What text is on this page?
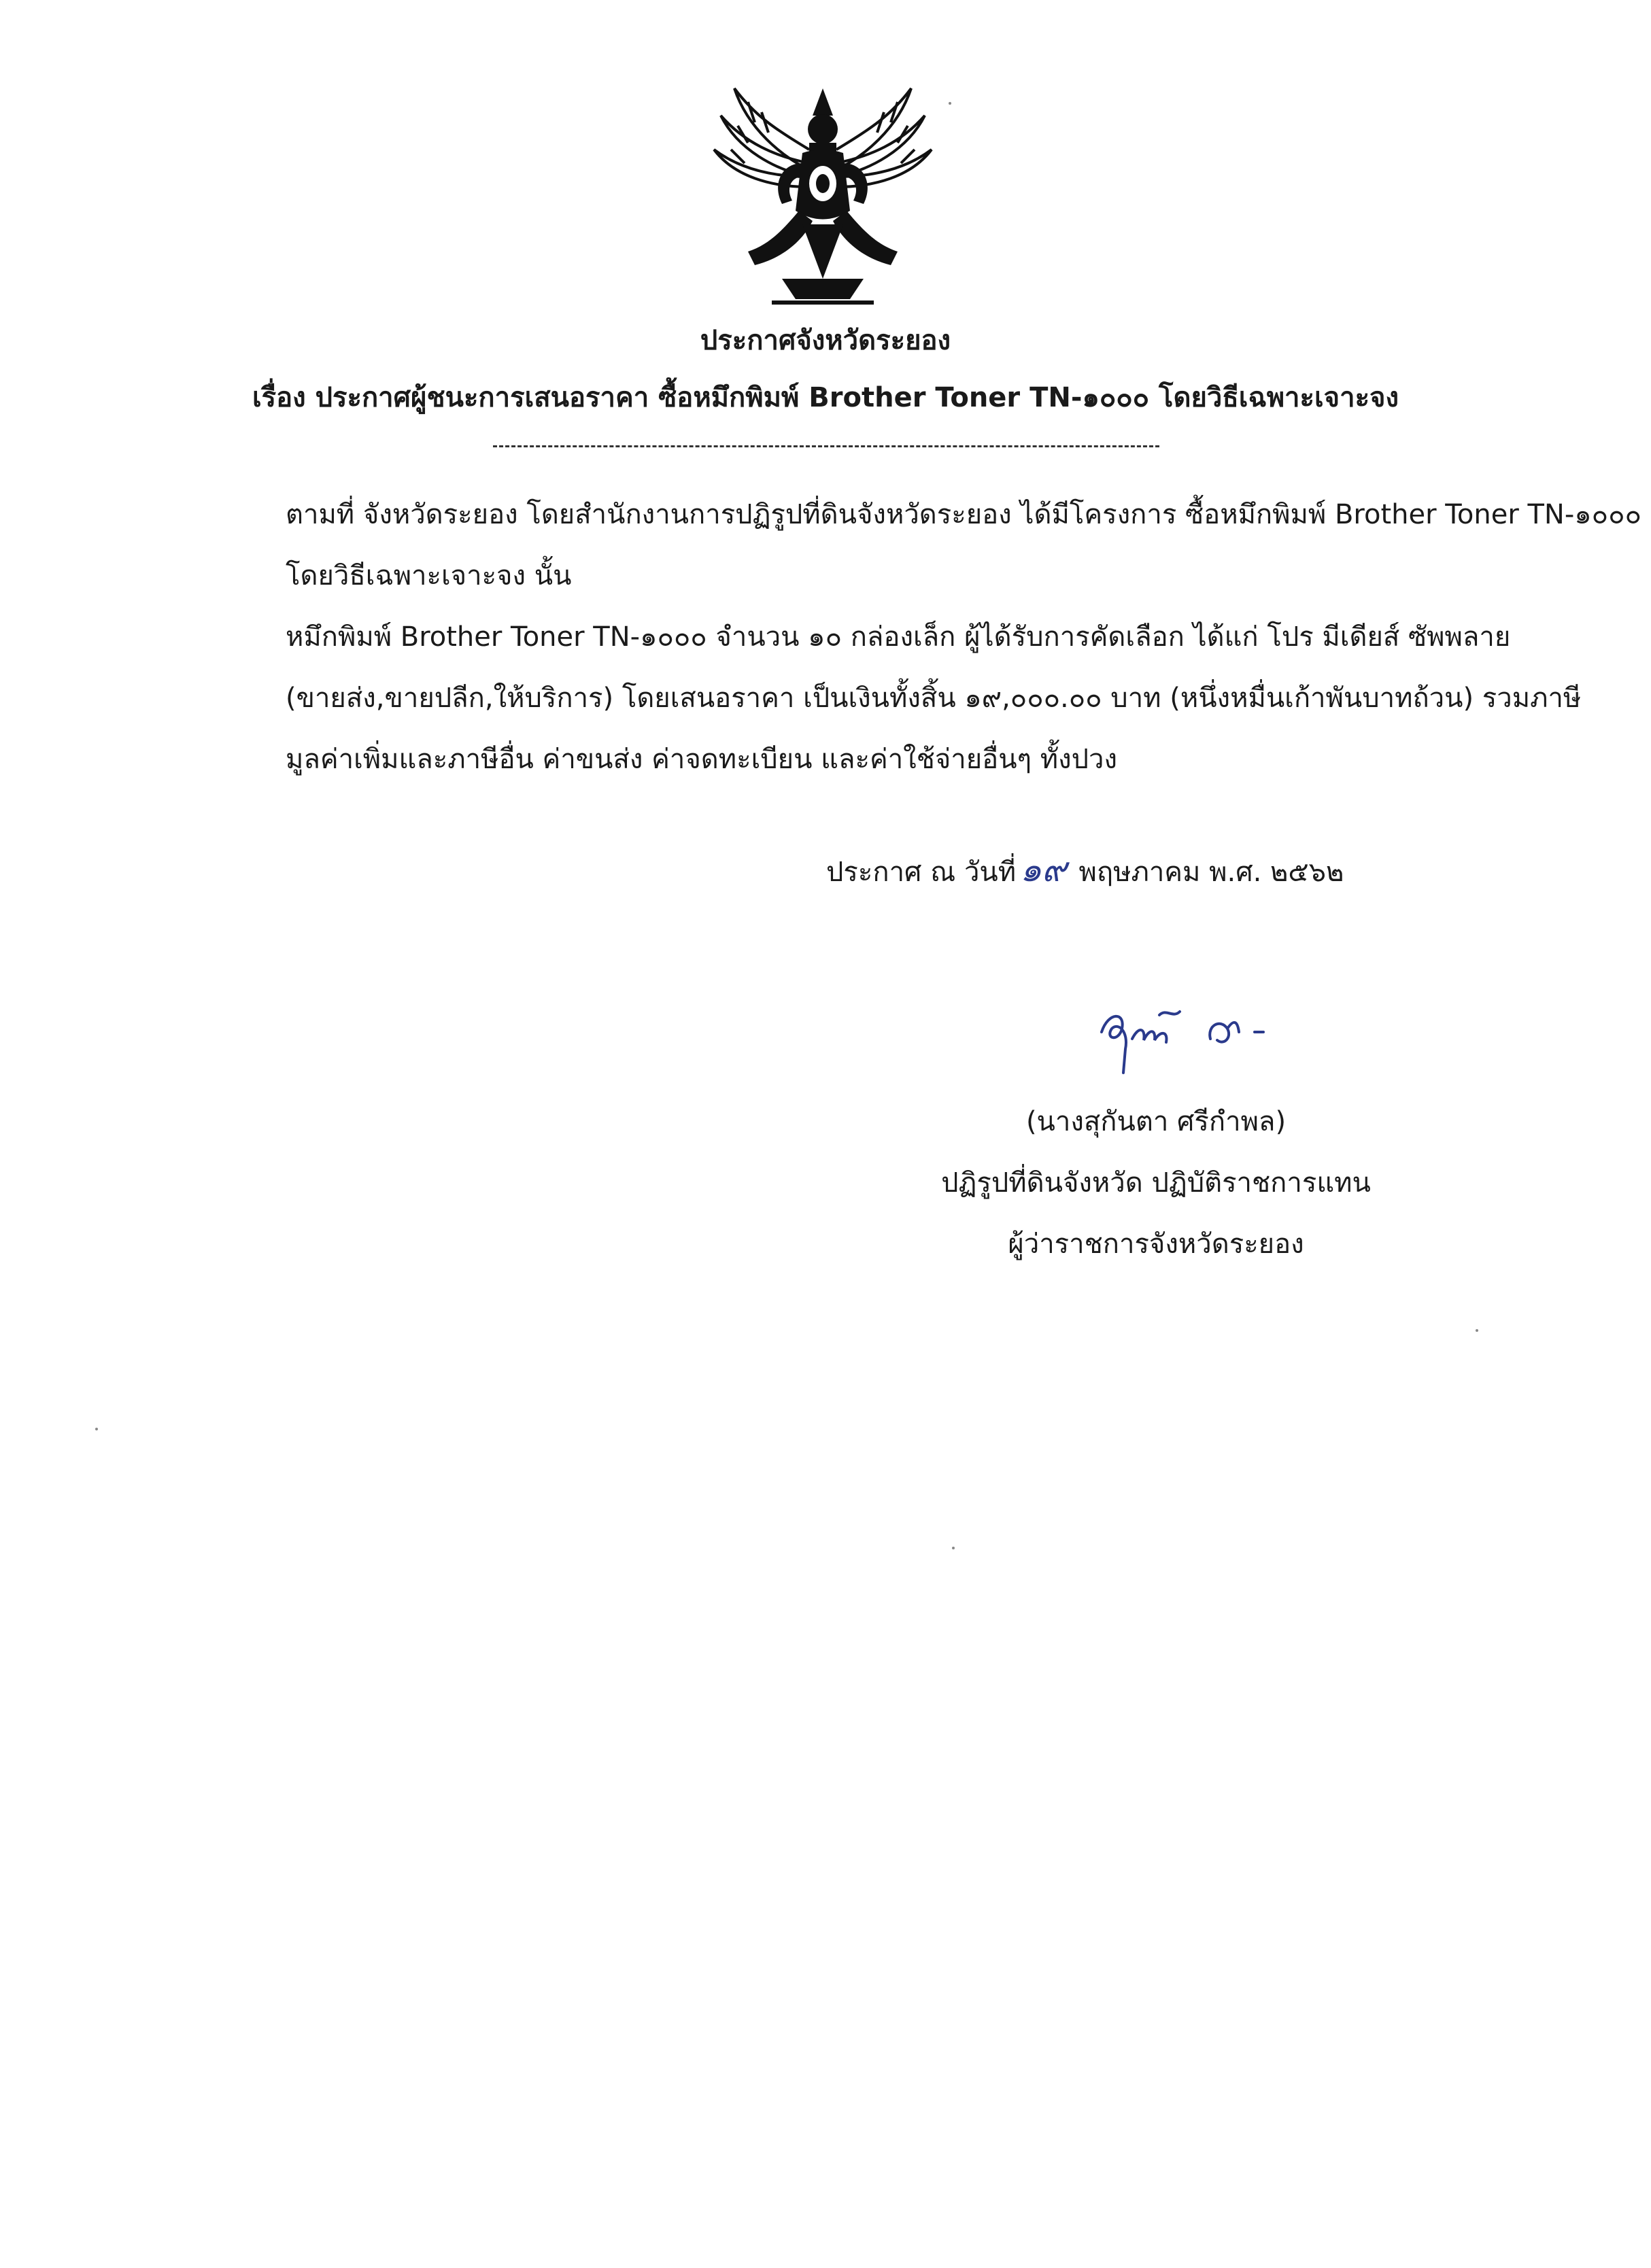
ประกาศจังหวัดระยอง
เรื่อง ประกาศผู้ชนะการเสนอราคา ซื้อหมึกพิมพ์ Brother Toner TN-๑๐๐๐ โดยวิธีเฉพาะเจาะจง
ตามที่ จังหวัดระยอง โดยสำนักงานการปฏิรูปที่ดินจังหวัดระยอง ได้มีโครงการ ซื้อหมึกพิมพ์ Brother Toner TN-๑๐๐๐ โดยวิธีเฉพาะเจาะจง นั้น
หมึกพิมพ์ Brother Toner TN-๑๐๐๐ จำนวน ๑๐ กล่องเล็ก ผู้ได้รับการคัดเลือก ได้แก่ โปร มีเดียส์ ซัพพลาย (ขายส่ง,ขายปลีก,ให้บริการ) โดยเสนอราคา เป็นเงินทั้งสิ้น ๑๙,๐๐๐.๐๐ บาท (หนึ่งหมื่นเก้าพันบาทถ้วน) รวมภาษีมูลค่าเพิ่มและภาษีอื่น ค่าขนส่ง ค่าจดทะเบียน และค่าใช้จ่ายอื่นๆ ทั้งปวง
ประกาศ ณ วันที่ ๑๙ พฤษภาคม พ.ศ. ๒๕๖๒
(นางสุกันตา ศรีกำพล)
ปฏิรูปที่ดินจังหวัด ปฏิบัติราชการแทน
ผู้ว่าราชการจังหวัดระยอง
